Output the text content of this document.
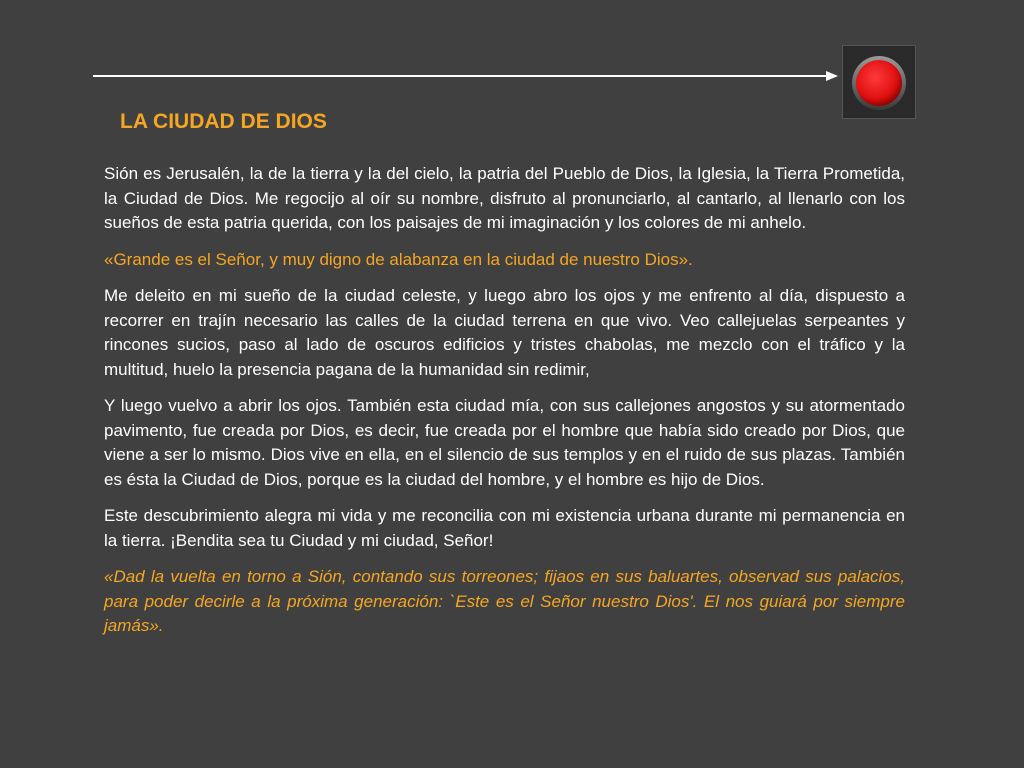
LA CIUDAD DE DIOS

Sión es Jerusalén, la de la tierra y la del cielo, la patria del Pueblo de Dios, la Iglesia, la Tierra Prometida, la Ciudad de Dios. Me regocijo al oír su nombre, disfruto al pronunciarlo, al cantarlo, al llenarlo con los sueños de esta patria querida, con los paisajes de mi imaginación y los colores de mi anhelo.

«Grande es el Señor, y muy digno de alabanza en la ciudad de nuestro Dios».

Me deleito en mi sueño de la ciudad celeste, y luego abro los ojos y me enfrento al día, dispuesto a recorrer en trajín necesario las calles de la ciudad terrena en que vivo. Veo callejuelas serpeantes y rincones sucios, paso al lado de oscuros edificios y tristes chabolas, me mezclo con el tráfico y la multitud, huelo la presencia pagana de la humanidad sin redimir,

Y luego vuelvo a abrir los ojos. También esta ciudad mía, con sus callejones angostos y su atormentado pavimento, fue creada por Dios, es decir, fue creada por el hombre que había sido creado por Dios, que viene a ser lo mismo. Dios vive en ella, en el silencio de sus templos y en el ruido de sus plazas. También es ésta la Ciudad de Dios, porque es la ciudad del hombre, y el hombre es hijo de Dios.

Este descubrimiento alegra mi vida y me reconcilia con mi existencia urbana durante mi permanencia en la tierra. ¡Bendita sea tu Ciudad y mi ciudad, Señor!

«Dad la vuelta en torno a Sión, contando sus torreones; fijaos en sus baluartes, observad sus palacios, para poder decirle a la próxima generación: `Este es el Señor nuestro Dios'. El nos guiará por siempre jamás».
